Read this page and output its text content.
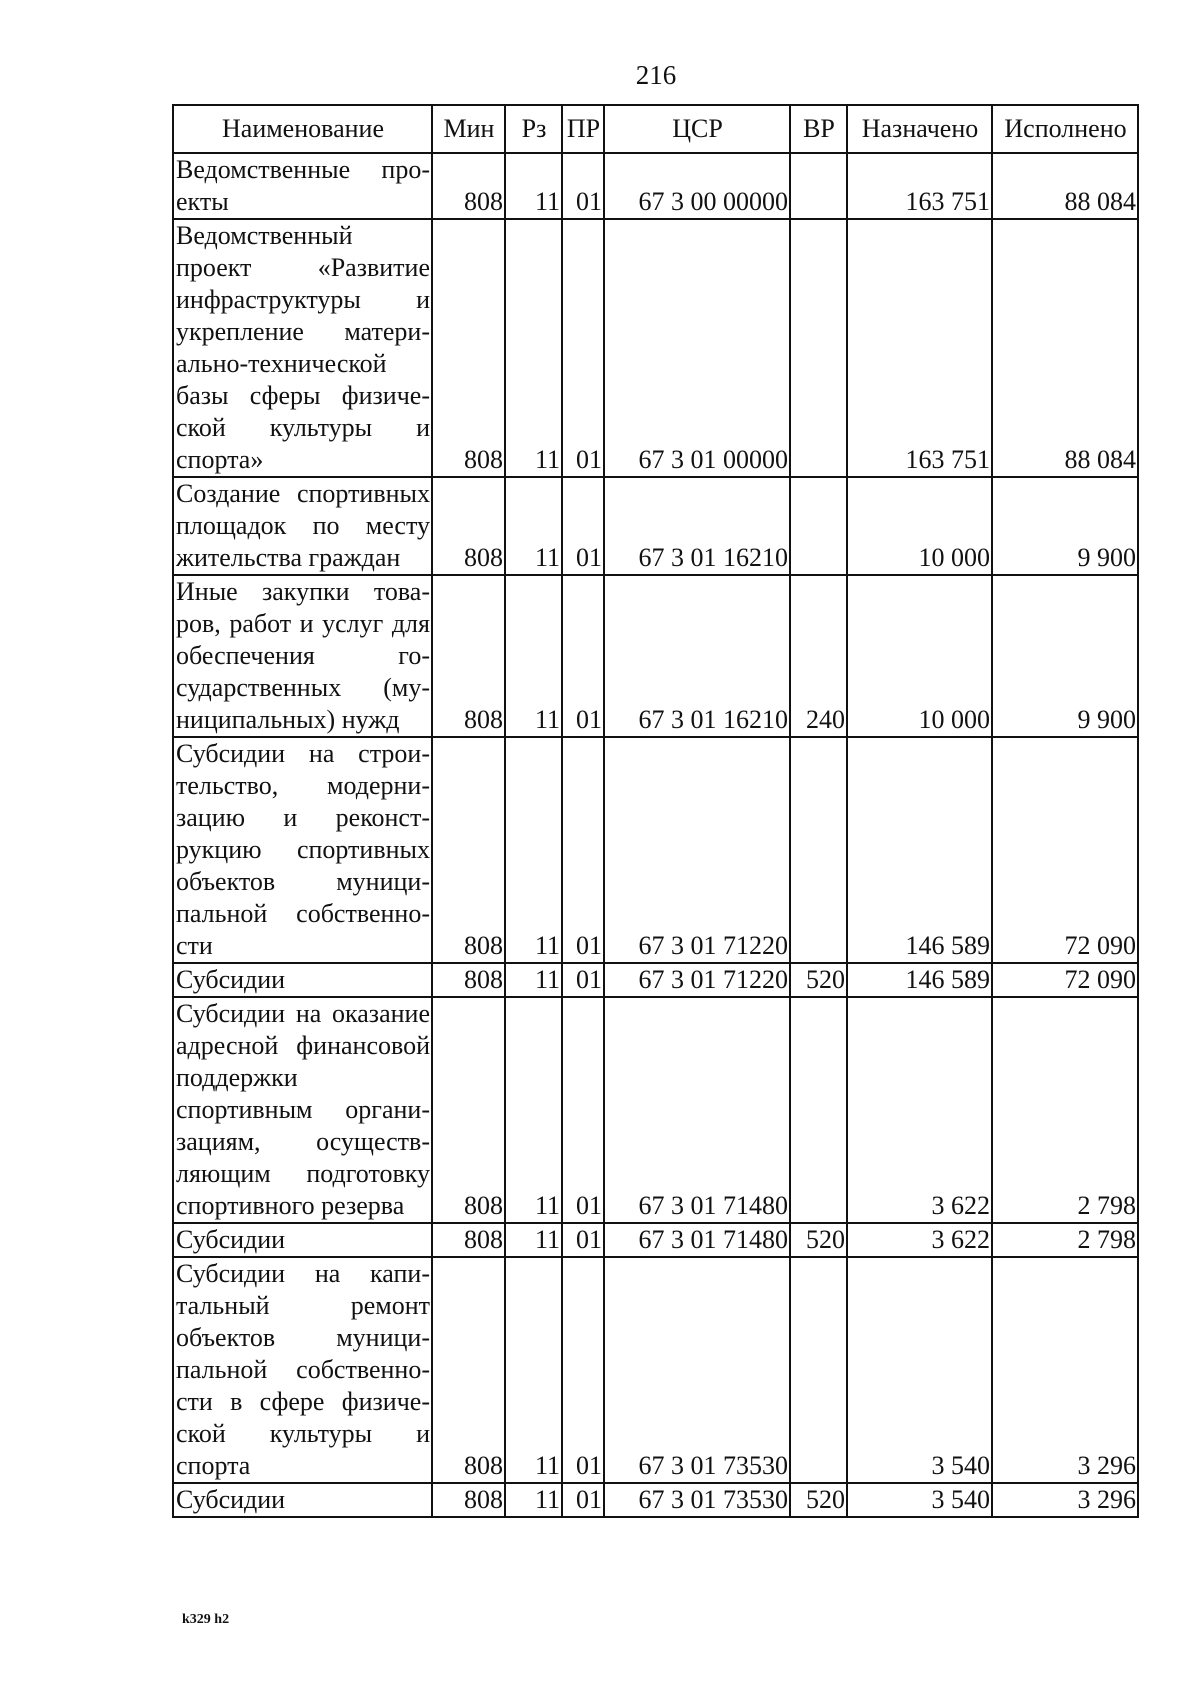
216
Наименование	Мин	Рз	ПР	ЦСР	ВР	Назначено	Исполнено
Ведомственные проекты	808	11	01	67 3 00 00000		163 751	88 084
Ведомственный проект «Развитие инфраструктуры и укрепление материально-технической базы сферы физической культуры и спорта»	808	11	01	67 3 01 00000		163 751	88 084
Создание спортивных площадок по месту жительства граждан	808	11	01	67 3 01 16210		10 000	9 900
Иные закупки товаров, работ и услуг для обеспечения государственных (муниципальных) нужд	808	11	01	67 3 01 16210	240	10 000	9 900
Субсидии на строительство, модернизацию и реконструкцию спортивных объектов муниципальной собственности	808	11	01	67 3 01 71220		146 589	72 090
Субсидии	808	11	01	67 3 01 71220	520	146 589	72 090
Субсидии на оказание адресной финансовой поддержки спортивным организациям, осуществляющим подготовку спортивного резерва	808	11	01	67 3 01 71480		3 622	2 798
Субсидии	808	11	01	67 3 01 71480	520	3 622	2 798
Субсидии на капитальный ремонт объектов муниципальной собственности в сфере физической культуры и спорта	808	11	01	67 3 01 73530		3 540	3 296
Субсидии	808	11	01	67 3 01 73530	520	3 540	3 296
k329 h2
